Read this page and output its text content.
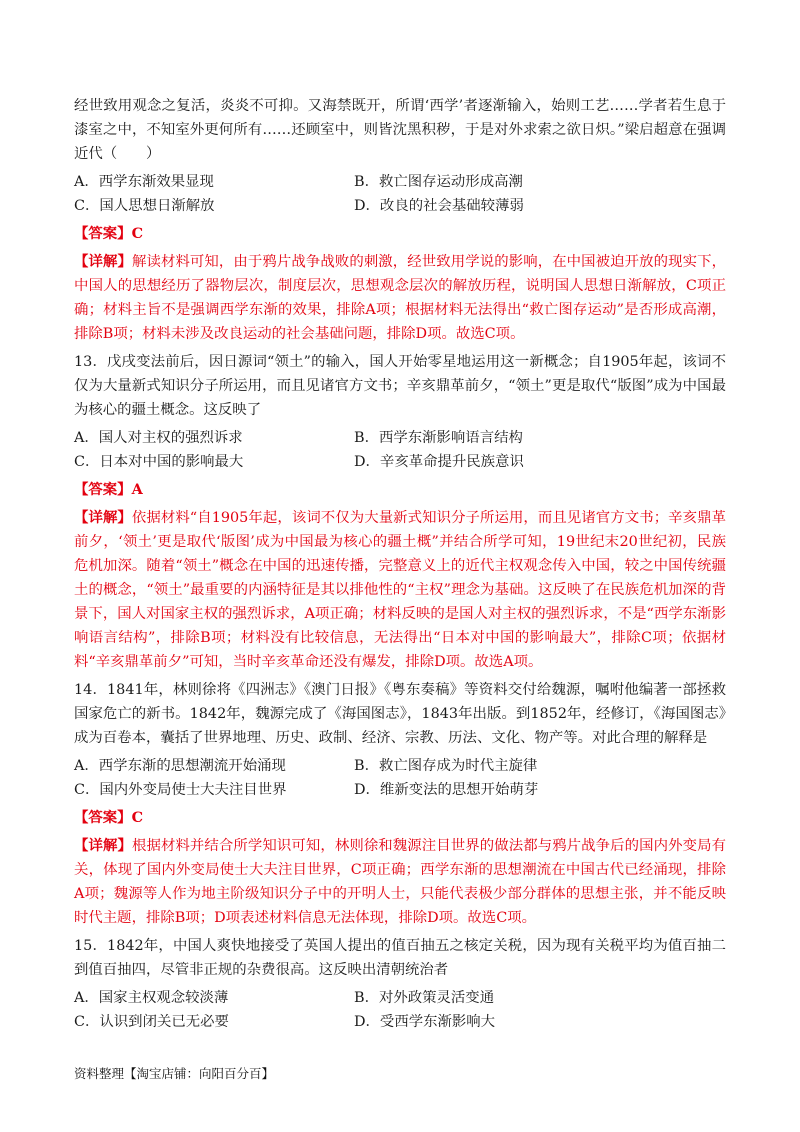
经世致用观念之复活，炎炎不可抑。又海禁既开，所谓‘西学’者逐渐输入，始则工艺……学者若生息于漆室之中，不知室外更何所有……还顾室中，则皆沈黑积秽，于是对外求索之欲日炽。”梁启超意在强调近代（　　）

A．西学东渐效果显现	B．救亡图存运动形成高潮
C．国人思想日渐解放	D．改良的社会基础较薄弱

【答案】C

【详解】解读材料可知，由于鸦片战争战败的刺激，经世致用学说的影响，在中国被迫开放的现实下，中国人的思想经历了器物层次，制度层次，思想观念层次的解放历程，说明国人思想日渐解放，C项正确；材料主旨不是强调西学东渐的效果，排除A项；根据材料无法得出“救亡图存运动”是否形成高潮，排除B项；材料未涉及改良运动的社会基础问题，排除D项。故选C项。

13．戊戌变法前后，因日源词“领土”的输入，国人开始零星地运用这一新概念；自1905年起，该词不仅为大量新式知识分子所运用，而且见诸官方文书；辛亥鼎革前夕，“领土”更是取代“版图”成为中国最为核心的疆土概念。这反映了

A．国人对主权的强烈诉求	B．西学东渐影响语言结构
C．日本对中国的影响最大	D．辛亥革命提升民族意识

【答案】A

【详解】依据材料“自1905年起，该词不仅为大量新式知识分子所运用，而且见诸官方文书；辛亥鼎革前夕，‘领土’更是取代‘版图’成为中国最为核心的疆土概”并结合所学可知，19世纪末20世纪初，民族危机加深。随着“领土”概念在中国的迅速传播，完整意义上的近代主权观念传入中国，较之中国传统疆土的概念，“领土”最重要的内涵特征是其以排他性的“主权”理念为基础。这反映了在民族危机加深的背景下，国人对国家主权的强烈诉求，A项正确；材料反映的是国人对主权的强烈诉求，不是“西学东渐影响语言结构”，排除B项；材料没有比较信息，无法得出“日本对中国的影响最大”，排除C项；依据材料“辛亥鼎革前夕”可知，当时辛亥革命还没有爆发，排除D项。故选A项。

14．1841年，林则徐将《四洲志》《澳门日报》《粤东奏稿》等资料交付给魏源，嘱咐他编著一部拯救国家危亡的新书。1842年，魏源完成了《海国图志》，1843年出版。到1852年，经修订，《海国图志》成为百卷本，囊括了世界地理、历史、政制、经济、宗教、历法、文化、物产等。对此合理的解释是

A．西学东渐的思想潮流开始涌现	B．救亡图存成为时代主旋律
C．国内外变局使士大夫注目世界	D．维新变法的思想开始萌芽

【答案】C

【详解】根据材料并结合所学知识可知，林则徐和魏源注目世界的做法都与鸦片战争后的国内外变局有关，体现了国内外变局使士大夫注目世界，C项正确；西学东渐的思想潮流在中国古代已经涌现，排除A项；魏源等人作为地主阶级知识分子中的开明人士，只能代表极少部分群体的思想主张，并不能反映时代主题，排除B项；D项表述材料信息无法体现，排除D项。故选C项。

15．1842年，中国人爽快地接受了英国人提出的值百抽五之核定关税，因为现有关税平均为值百抽二到值百抽四，尽管非正规的杂费很高。这反映出清朝统治者

A．国家主权观念较淡薄	B．对外政策灵活变通
C．认识到闭关已无必要	D．受西学东渐影响大
资料整理【淘宝店铺：向阳百分百】
